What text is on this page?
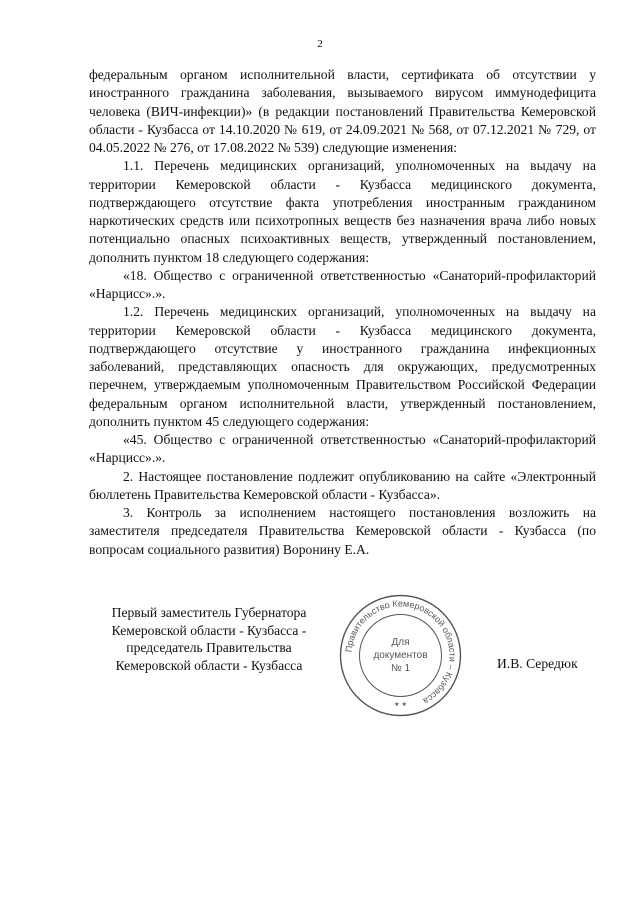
2

федеральным органом исполнительной власти, сертификата об отсутствии у иностранного гражданина заболевания, вызываемого вирусом иммунодефицита человека (ВИЧ-инфекции)» (в редакции постановлений Правительства Кемеровской области - Кузбасса от 14.10.2020 № 619, от 24.09.2021 № 568, от 07.12.2021 № 729, от 04.05.2022 № 276, от 17.08.2022 № 539) следующие изменения:

1.1. Перечень медицинских организаций, уполномоченных на выдачу на территории Кемеровской области - Кузбасса медицинского документа, подтверждающего отсутствие факта употребления иностранным гражданином наркотических средств или психотропных веществ без назначения врача либо новых потенциально опасных психоактивных веществ, утвержденный постановлением, дополнить пунктом 18 следующего содержания:

«18. Общество с ограниченной ответственностью «Санаторий-профилакторий «Нарцисс».».

1.2. Перечень медицинских организаций, уполномоченных на выдачу на территории Кемеровской области - Кузбасса медицинского документа, подтверждающего отсутствие у иностранного гражданина инфекционных заболеваний, представляющих опасность для окружающих, предусмотренных перечнем, утверждаемым уполномоченным Правительством Российской Федерации федеральным органом исполнительной власти, утвержденный постановлением, дополнить пунктом 45 следующего содержания:

«45. Общество с ограниченной ответственностью «Санаторий-профилакторий «Нарцисс».».

2. Настоящее постановление подлежит опубликованию на сайте «Электронный бюллетень Правительства Кемеровской области - Кузбасса».

3. Контроль за исполнением настоящего постановления возложить на заместителя председателя Правительства Кемеровской области - Кузбасса (по вопросам социального развития) Воронину Е.А.

Первый заместитель Губернатора
Кемеровской области - Кузбасса -
председатель Правительства
Кемеровской области - Кузбасса
Правительство Кемеровской области – Кузбасса
★ ★
Для
документов
№ 1	И.В. Середюк
